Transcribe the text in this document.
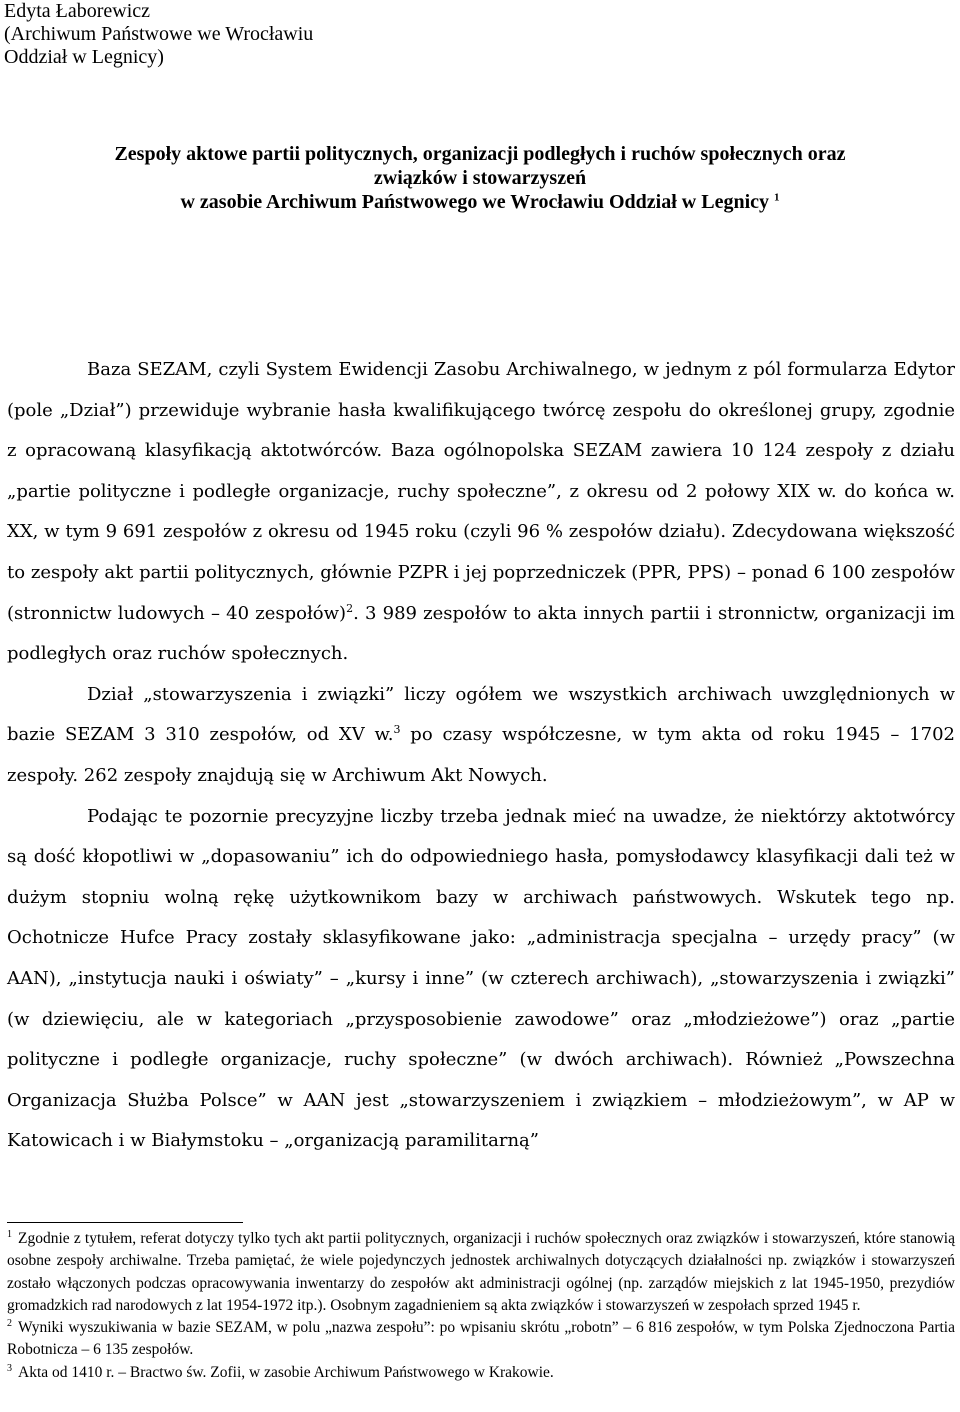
Edyta Łaborewicz
(Archiwum Państwowe we Wrocławiu
Oddział w Legnicy)
Zespoły aktowe partii politycznych, organizacji podległych i ruchów społecznych oraz
związków i stowarzyszeń
w zasobie Archiwum Państwowego we Wrocławiu Oddział w Legnicy $^1$

Baza SEZAM, czyli System Ewidencji Zasobu Archiwalnego, w jednym z pól formularza Edytor (pole „Dział”) przewiduje wybranie hasła kwalifikującego twórcę zespołu do określonej grupy, zgodnie z opracowaną klasyfikacją aktotwórców. Baza ogólnopolska SEZAM zawiera 10 124 zespoły z działu „partie polityczne i podległe organizacje, ruchy społeczne”, z okresu od 2 połowy XIX w. do końca w. XX, w tym 9 691 zespołów z okresu od 1945 roku (czyli 96 % zespołów działu). Zdecydowana większość to zespoły akt partii politycznych, głównie PZPR i jej poprzedniczek (PPR, PPS) – ponad 6 100 zespołów (stronnictw ludowych – 40 zespołów)$^2$. 3 989 zespołów to akta innych partii i stronnictw, organizacji im podległych oraz ruchów społecznych.

Dział „stowarzyszenia i związki” liczy ogółem we wszystkich archiwach uwzględnionych w bazie SEZAM 3 310 zespołów, od XV w.$^3$ po czasy współczesne, w tym akta od roku 1945 – 1702 zespoły. 262 zespoły znajdują się w Archiwum Akt Nowych.

Podając te pozornie precyzyjne liczby trzeba jednak mieć na uwadze, że niektórzy aktotwórcy są dość kłopotliwi w „dopasowaniu” ich do odpowiedniego hasła, pomysłodawcy klasyfikacji dali też w dużym stopniu wolną rękę użytkownikom bazy w archiwach państwowych. Wskutek tego np. Ochotnicze Hufce Pracy zostały sklasyfikowane jako: „administracja specjalna – urzędy pracy” (w AAN), „instytucja nauki i oświaty” – „kursy i inne” (w czterech archiwach), „stowarzyszenia i związki” (w dziewięciu, ale w kategoriach „przysposobienie zawodowe” oraz „młodzieżowe”) oraz „partie polityczne i podległe organizacje, ruchy społeczne” (w dwóch archiwach). Również „Powszechna Organizacja Służba Polsce” w AAN jest „stowarzyszeniem i związkiem – młodzieżowym”, w AP w Katowicach i w Białymstoku – „organizacją paramilitarną”

$^1$ Zgodnie z tytułem, referat dotyczy tylko tych akt partii politycznych, organizacji i ruchów społecznych oraz związków i stowarzyszeń, które stanowią osobne zespoły archiwalne. Trzeba pamiętać, że wiele pojedynczych jednostek archiwalnych dotyczących działalności np. związków i stowarzyszeń zostało włączonych podczas opracowywania inwentarzy do zespołów akt administracji ogólnej (np. zarządów miejskich z lat 1945-1950, prezydiów gromadzkich rad narodowych z lat 1954-1972 itp.). Osobnym zagadnieniem są akta związków i stowarzyszeń w zespołach sprzed 1945 r.

$^2$ Wyniki wyszukiwania w bazie SEZAM, w polu „nazwa zespołu”: po wpisaniu skrótu „robotn” – 6 816 zespołów, w tym Polska Zjednoczona Partia Robotnicza – 6 135 zespołów.

$^3$ Akta od 1410 r. – Bractwo św. Zofii, w zasobie Archiwum Państwowego w Krakowie.
